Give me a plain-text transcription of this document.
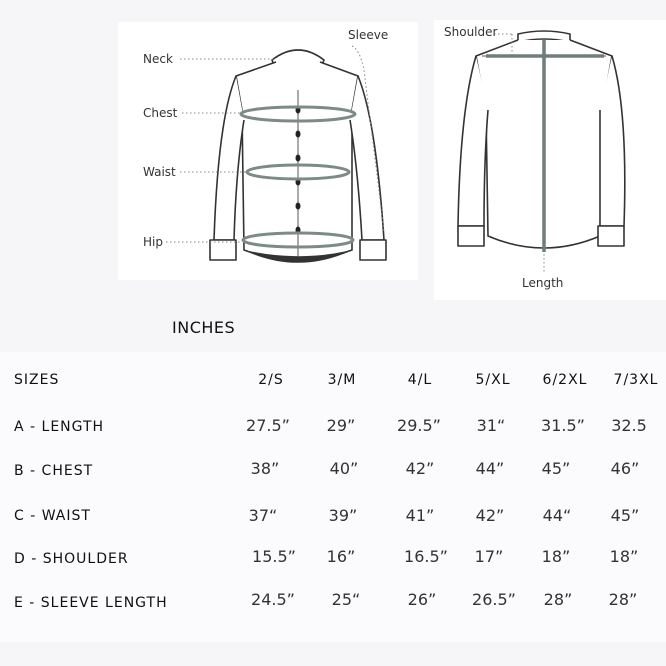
Neck
Chest
Waist
Hip
Sleeve	Shoulder
Length
INCHES
SIZES	2/S	3/M	4/L	5/XL 6/2XL 7/3XL
A - LENGTH	27.5” 29”	29.5” 31“ 31.5” 32.5
B - CHEST	38”	40”	42”	44” 45”	46”
C - WAIST	37“	39”	41”	42” 44“ 45”
D - SHOULDER	15.5” 16”	16.5” 17” 18” 18”
E - SLEEVE LENGTH	24.5” 25“	26” 26.5” 28” 28”
